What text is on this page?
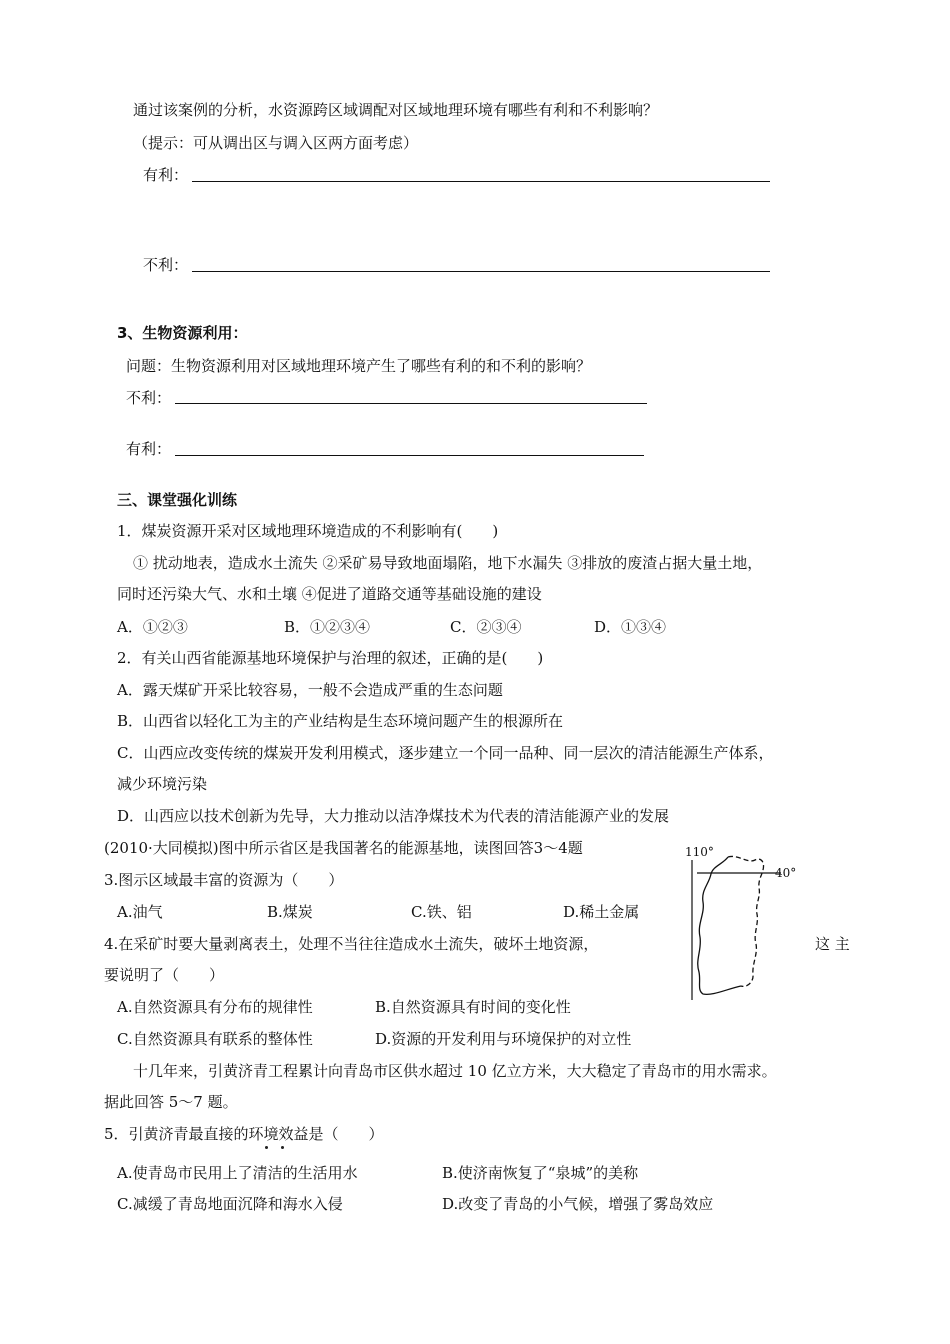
通过该案例的分析，水资源跨区域调配对区域地理环境有哪些有利和不利影响？
（提示：可从调出区与调入区两方面考虑）
有利：
不利：
3、生物资源利用：
问题：生物资源利用对区域地理环境产生了哪些有利的和不利的影响？
不利：
有利：
三、课堂强化训练
1．煤炭资源开采对区域地理环境造成的不利影响有(　　)
① 扰动地表，造成水土流失 ②采矿易导致地面塌陷，地下水漏失 ③排放的废渣占据大量土地，
同时还污染大气、水和土壤 ④促进了道路交通等基础设施的建设
A．①②③	B．①②③④	C．②③④	D．①③④
2．有关山西省能源基地环境保护与治理的叙述，正确的是(　　)
A．露天煤矿开采比较容易，一般不会造成严重的生态问题
B．山西省以轻化工为主的产业结构是生态环境问题产生的根源所在
C．山西应改变传统的煤炭开发利用模式，逐步建立一个同一品种、同一层次的清洁能源生产体系，
减少环境污染
D．山西应以技术创新为先导，大力推动以洁净煤技术为代表的清洁能源产业的发展
(2010·大同模拟)图中所示省区是我国著名的能源基地，读图回答3～4题	110°
40°
3.图示区域最丰富的资源为（　　）
A.油气	B.煤炭	C.铁、铝	D.稀土金属
4.在采矿时要大量剥离表土，处理不当往往造成水土流失，破坏土地资源，	这 主
要说明了（　　）
A.自然资源具有分布的规律性	B.自然资源具有时间的变化性
C.自然资源具有联系的整体性	D.资源的开发利用与环境保护的对立性
十几年来，引黄济青工程累计向青岛市区供水超过 10 亿立方米，大大稳定了青岛市的用水需求。
据此回答 5～7 题。
5．引黄济青最直接的环境效益是（　　）
A.使青岛市民用上了清洁的生活用水	B.使济南恢复了“泉城”的美称
C.减缓了青岛地面沉降和海水入侵	D.改变了青岛的小气候，增强了雾岛效应
